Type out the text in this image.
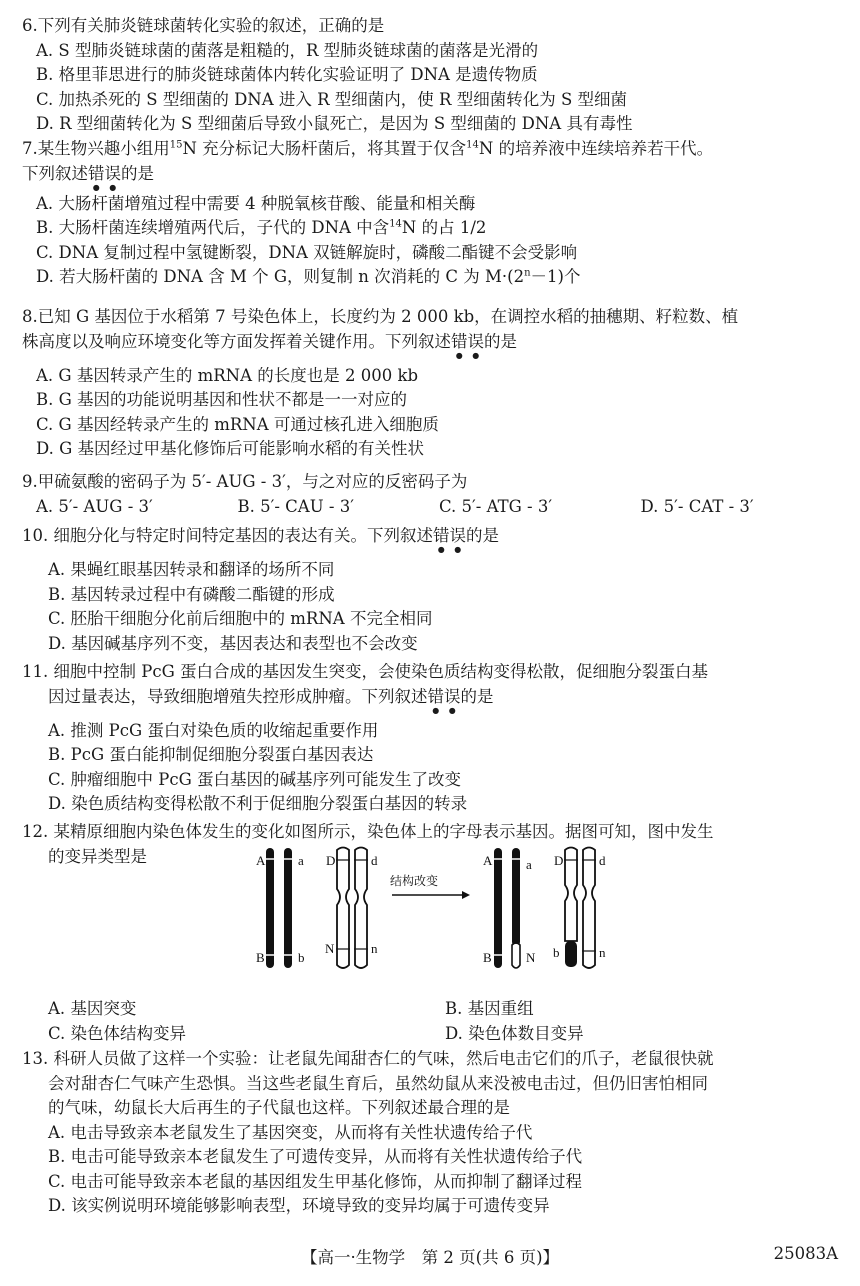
6.下列有关肺炎链球菌转化实验的叙述，正确的是

A. S 型肺炎链球菌的菌落是粗糙的，R 型肺炎链球菌的菌落是光滑的

B. 格里菲思进行的肺炎链球菌体内转化实验证明了 DNA 是遗传物质

C. 加热杀死的 S 型细菌的 DNA 进入 R 型细菌内，使 R 型细菌转化为 S 型细菌

D. R 型细菌转化为 S 型细菌后导致小鼠死亡，是因为 S 型细菌的 DNA 具有毒性

7.某生物兴趣小组用$^{15}$N 充分标记大肠杆菌后，将其置于仅含$^{14}$N 的培养液中连续培养若干代。

下列叙述错误的是

A. 大肠杆菌增殖过程中需要 4 种脱氧核苷酸、能量和相关酶

B. 大肠杆菌连续增殖两代后，子代的 DNA 中含$^{14}$N 的占 1/2

C. DNA 复制过程中氢键断裂，DNA 双链解旋时，磷酸二酯键不会受影响

D. 若大肠杆菌的 DNA 含 M 个 G，则复制 n 次消耗的 C 为 $M\cdot(2^n-1)$个

8.已知 G 基因位于水稻第 7 号染色体上，长度约为 2 000 kb，在调控水稻的抽穗期、籽粒数、植

株高度以及响应环境变化等方面发挥着关键作用。下列叙述错误的是

A. G 基因转录产生的 mRNA 的长度也是 2 000 kb

B. G 基因的功能说明基因和性状不都是一一对应的

C. G 基因经转录产生的 mRNA 可通过核孔进入细胞质

D. G 基因经过甲基化修饰后可能影响水稻的有关性状

9.甲硫氨酸的密码子为 5′- AUG - 3′，与之对应的反密码子为

A. 5′- AUG - 3′	B. 5′- CAU - 3′	C. 5′- ATG - 3′	D. 5′- CAT - 3′

10. 细胞分化与特定时间特定基因的表达有关。下列叙述错误的是

A. 果蝇红眼基因转录和翻译的场所不同

B. 基因转录过程中有磷酸二酯键的形成

C. 胚胎干细胞分化前后细胞中的 mRNA 不完全相同

D. 基因碱基序列不变，基因表达和表型也不会改变

11. 细胞中控制 PcG 蛋白合成的基因发生突变，会使染色质结构变得松散，促细胞分裂蛋白基

因过量表达，导致细胞增殖失控形成肿瘤。下列叙述错误的是

A. 推测 PcG 蛋白对染色质的收缩起重要作用

B. PcG 蛋白能抑制促细胞分裂蛋白基因表达

C. 肿瘤细胞中 PcG 蛋白基因的碱基序列可能发生了改变

D. 染色质结构变得松散不利于促细胞分裂蛋白基因的转录

12. 某精原细胞内染色体发生的变化如图所示，染色体上的字母表示基因。据图可知，图中发生

的变异类型是	A	a
B	b
D	d
N	n
结构改变
A	a
B	N
D	d
b	n

A. 基因突变	B. 基因重组

C. 染色体结构变异	D. 染色体数目变异

13. 科研人员做了这样一个实验：让老鼠先闻甜杏仁的气味，然后电击它们的爪子，老鼠很快就

会对甜杏仁气味产生恐惧。当这些老鼠生育后，虽然幼鼠从来没被电击过，但仍旧害怕相同

的气味，幼鼠长大后再生的子代鼠也这样。下列叙述最合理的是

A. 电击导致亲本老鼠发生了基因突变，从而将有关性状遗传给子代

B. 电击可能导致亲本老鼠发生了可遗传变异，从而将有关性状遗传给子代

C. 电击可能导致亲本老鼠的基因组发生甲基化修饰，从而抑制了翻译过程

D. 该实例说明环境能够影响表型，环境导致的变异均属于可遗传变异

【高一·生物学　第 2 页(共 6 页)】	25083A
